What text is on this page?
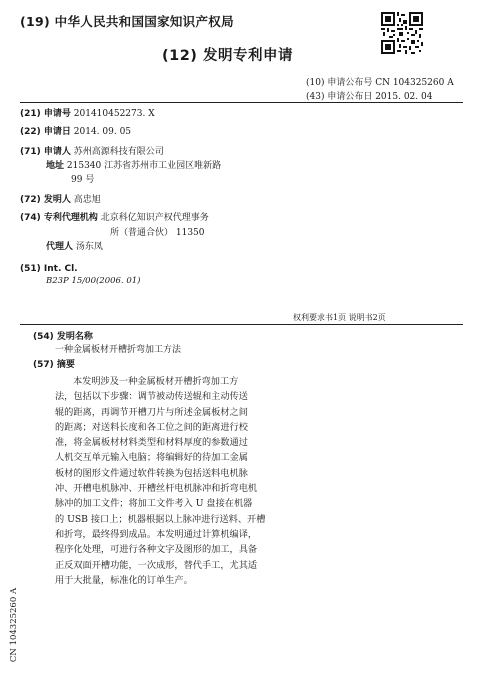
(19) 中华人民共和国国家知识产权局
(12) 发明专利申请
(10) 申请公布号 CN 104325260 A
(43) 申请公布日 2015. 02. 04
(21) 申请号 201410452273. X
(22) 申请日 2014. 09. 05
(71) 申请人 苏州高源科技有限公司
地址 215340 江苏省苏州市工业园区唯新路
99 号
(72) 发明人 高忠旭
(74) 专利代理机构 北京科亿知识产权代理事务
所（普通合伙） 11350
代理人 汤东凤
(51) Int. Cl.
B23P 15/00(2006. 01)
权利要求书1页 说明书2页
(54) 发明名称
一种金属板材开槽折弯加工方法
(57) 摘要
本发明涉及一种金属板材开槽折弯加工方
法，包括以下步骤：调节被动传送辊和主动传送
辊的距离，再调节开槽刀片与所述金属板材之间
的距离；对送料长度和各工位之间的距离进行校
准，将金属板材材料类型和材料厚度的参数通过
人机交互单元输入电脑；将编辑好的待加工金属
板材的图形文件通过软件转换为包括送料电机脉
冲、开槽电机脉冲、开槽丝杆电机脉冲和折弯电机
脉冲的加工文件；将加工文件考入 U 盘接在机器
的 USB 接口上；机器根据以上脉冲进行送料、开槽
和折弯，最终得到成品。本发明通过计算机编译，
程序化处理，可进行各种文字及图形的加工，具备
正反双面开槽功能，一次成形，替代手工，尤其适
用于大批量，标准化的订单生产。
CN 104325260 A
